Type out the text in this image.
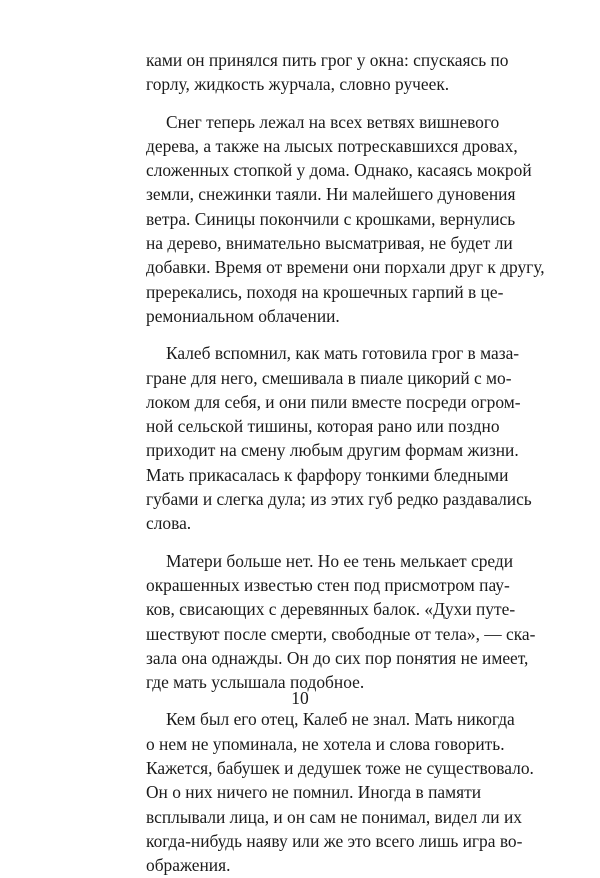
ками он принялся пить грог у окна: спускаясь по
горлу, жидкость журчала, словно ручеек.
Снег теперь лежал на всех ветвях вишневого
дерева, а также на лысых потрескавшихся дровах,
сложенных стопкой у дома. Однако, касаясь мокрой
земли, снежинки таяли. Ни малейшего дуновения
ветра. Синицы покончили с крошками, вернулись
на дерево, внимательно высматривая, не будет ли
добавки. Время от времени они порхали друг к другу,
пререкались, походя на крошечных гарпий в це-
ремониальном облачении.
Калеб вспомнил, как мать готовила грог в маза-
гране для него, смешивала в пиале цикорий с мо-
локом для себя, и они пили вместе посреди огром-
ной сельской тишины, которая рано или поздно
приходит на смену любым другим формам жизни.
Мать прикасалась к фарфору тонкими бледными
губами и слегка дула; из этих губ редко раздавались
слова.
Матери больше нет. Но ее тень мелькает среди
окрашенных известью стен под присмотром пау-
ков, свисающих с деревянных балок. «Духи путе-
шествуют после смерти, свободные от тела», — ска-
зала она однажды. Он до сих пор понятия не имеет,
где мать услышала подобное.
Кем был его отец, Калеб не знал. Мать никогда
о нем не упоминала, не хотела и слова говорить.
Кажется, бабушек и дедушек тоже не существовало.
Он о них ничего не помнил. Иногда в памяти
всплывали лица, и он сам не понимал, видел ли их
когда-нибудь наяву или же это всего лишь игра во-
ображения.
10
